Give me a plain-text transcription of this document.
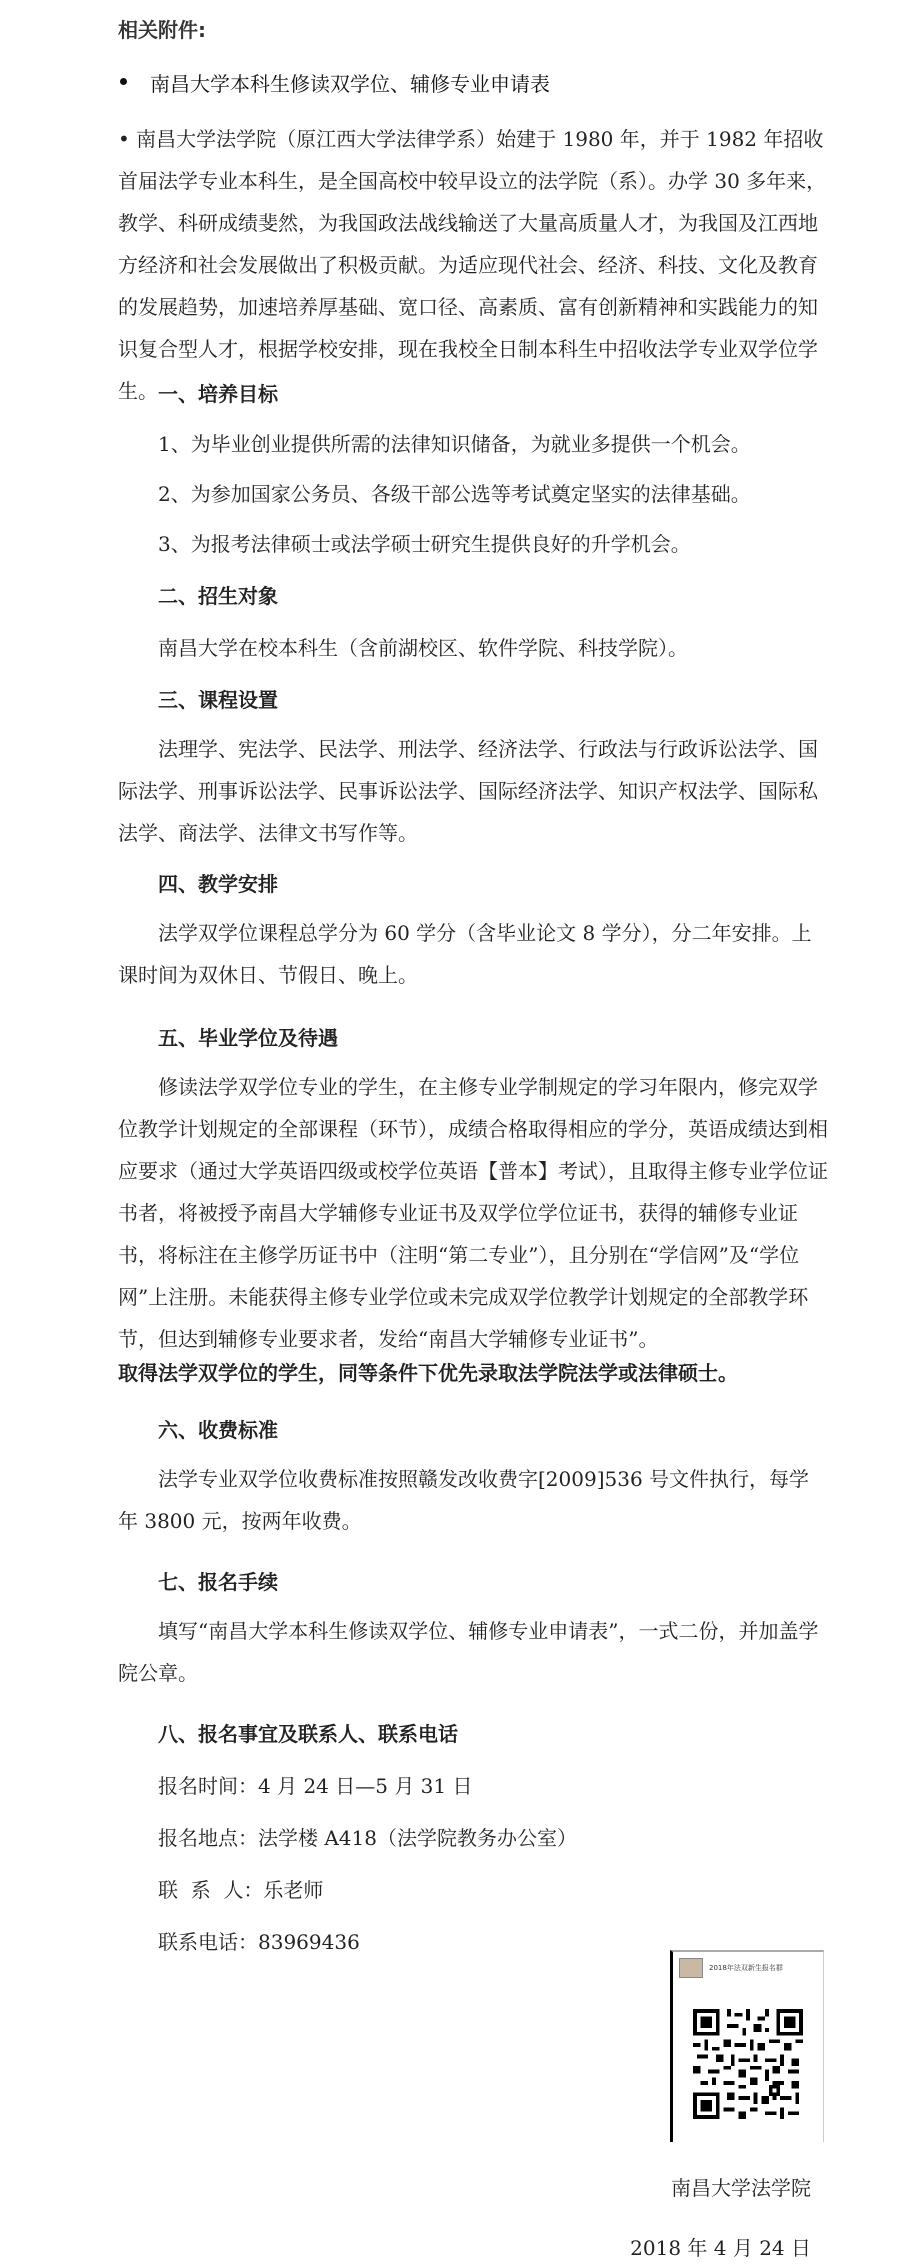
相关附件:
南昌大学本科生修读双学位、辅修专业申请表
• 南昌大学法学院（原江西大学法律学系）始建于 1980 年，并于 1982 年招收首届法学专业本科生，是全国高校中较早设立的法学院（系）。办学 30 多年来，教学、科研成绩斐然，为我国政法战线输送了大量高质量人才，为我国及江西地方经济和社会发展做出了积极贡献。为适应现代社会、经济、科技、文化及教育的发展趋势，加速培养厚基础、宽口径、高素质、富有创新精神和实践能力的知识复合型人才，根据学校安排，现在我校全日制本科生中招收法学专业双学位学生。 一、培养目标

1、为毕业创业提供所需的法律知识储备，为就业多提供一个机会。

2、为参加国家公务员、各级干部公选等考试奠定坚实的法律基础。

3、为报考法律硕士或法学硕士研究生提供良好的升学机会。

二、招生对象

南昌大学在校本科生（含前湖校区、软件学院、科技学院）。

三、课程设置

法理学、宪法学、民法学、刑法学、经济法学、行政法与行政诉讼法学、国际法学、刑事诉讼法学、民事诉讼法学、国际经济法学、知识产权法学、国际私法学、商法学、法律文书写作等。

四、教学安排

法学双学位课程总学分为 60 学分（含毕业论文 8 学分），分二年安排。上课时间为双休日、节假日、晚上。

五、毕业学位及待遇

修读法学双学位专业的学生，在主修专业学制规定的学习年限内，修完双学位教学计划规定的全部课程（环节），成绩合格取得相应的学分，英语成绩达到相应要求（通过大学英语四级或校学位英语【普本】考试），且取得主修专业学位证书者，将被授予南昌大学辅修专业证书及双学位学位证书，获得的辅修专业证书，将标注在主修学历证书中（注明“第二专业”），且分别在“学信网”及“学位网”上注册。未能获得主修专业学位或未完成双学位教学计划规定的全部教学环节，但达到辅修专业要求者，发给“南昌大学辅修专业证书”。

取得法学双学位的学生，同等条件下优先录取法学院法学或法律硕士。

六、收费标准

法学专业双学位收费标准按照赣发改收费字[2009]536 号文件执行，每学年 3800 元，按两年收费。

七、报名手续

填写“南昌大学本科生修读双学位、辅修专业申请表”，一式二份，并加盖学院公章。

八、报名事宜及联系人、联系电话

报名时间：4 月 24 日—5 月 31 日

报名地点：法学楼 A418（法学院教务办公室）

联  系  人：乐老师

联系电话：83969436

2018年法双新生报名群

南昌大学法学院

2018 年 4 月 24 日
